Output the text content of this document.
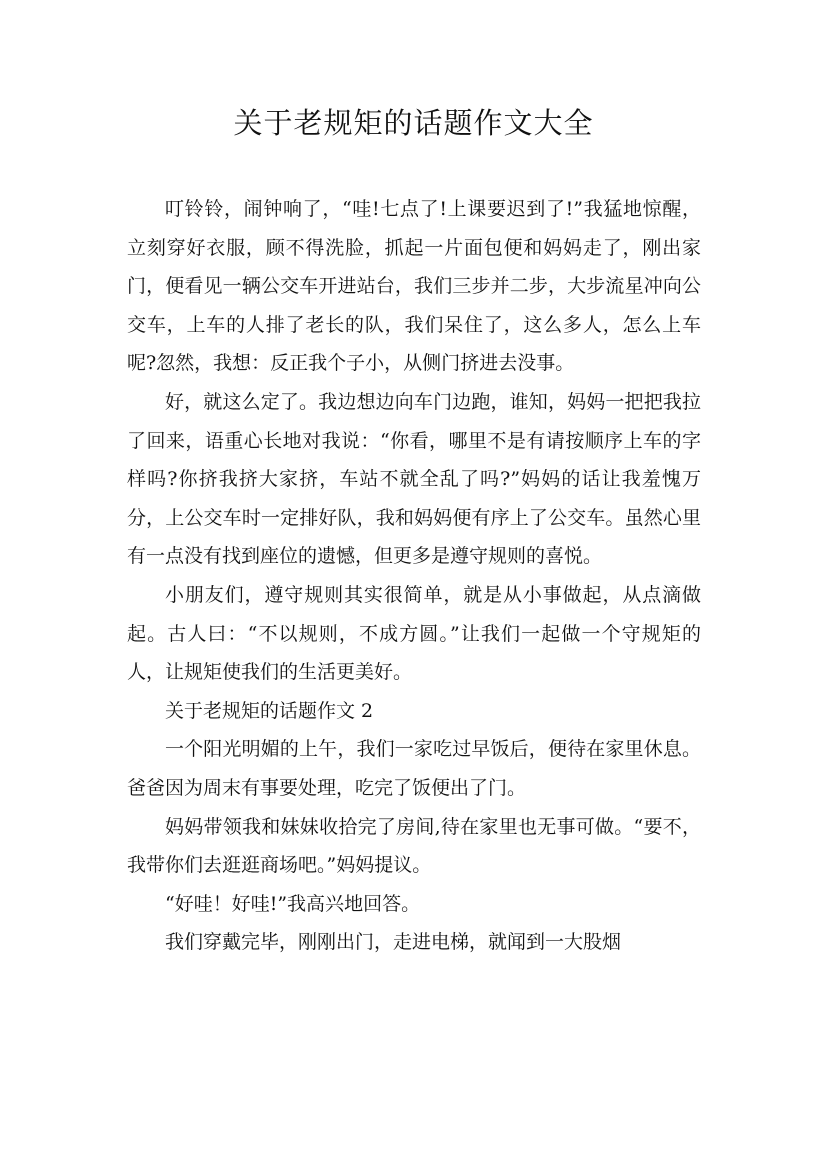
关于老规矩的话题作文大全

叮铃铃，闹钟响了，“哇!七点了!上课要迟到了!”我猛地惊醒，立刻穿好衣服，顾不得洗脸，抓起一片面包便和妈妈走了，刚出家门，便看见一辆公交车开进站台，我们三步并二步，大步流星冲向公交车，上车的人排了老长的队，我们呆住了，这么多人，怎么上车呢?忽然，我想：反正我个子小，从侧门挤进去没事。

好，就这么定了。我边想边向车门边跑，谁知，妈妈一把把我拉了回来，语重心长地对我说：“你看，哪里不是有请按顺序上车的字样吗?你挤我挤大家挤，车站不就全乱了吗?”妈妈的话让我羞愧万分，上公交车时一定排好队，我和妈妈便有序上了公交车。虽然心里有一点没有找到座位的遗憾，但更多是遵守规则的喜悦。

小朋友们，遵守规则其实很简单，就是从小事做起，从点滴做起。古人曰：“不以规则，不成方圆。”让我们一起做一个守规矩的人，让规矩使我们的生活更美好。

关于老规矩的话题作文 2

一个阳光明媚的上午，我们一家吃过早饭后，便待在家里休息。爸爸因为周末有事要处理，吃完了饭便出了门。

妈妈带领我和妹妹收拾完了房间,待在家里也无事可做。“要不，我带你们去逛逛商场吧。”妈妈提议。

“好哇！好哇!”我高兴地回答。

我们穿戴完毕，刚刚出门，走进电梯，就闻到一大股烟
